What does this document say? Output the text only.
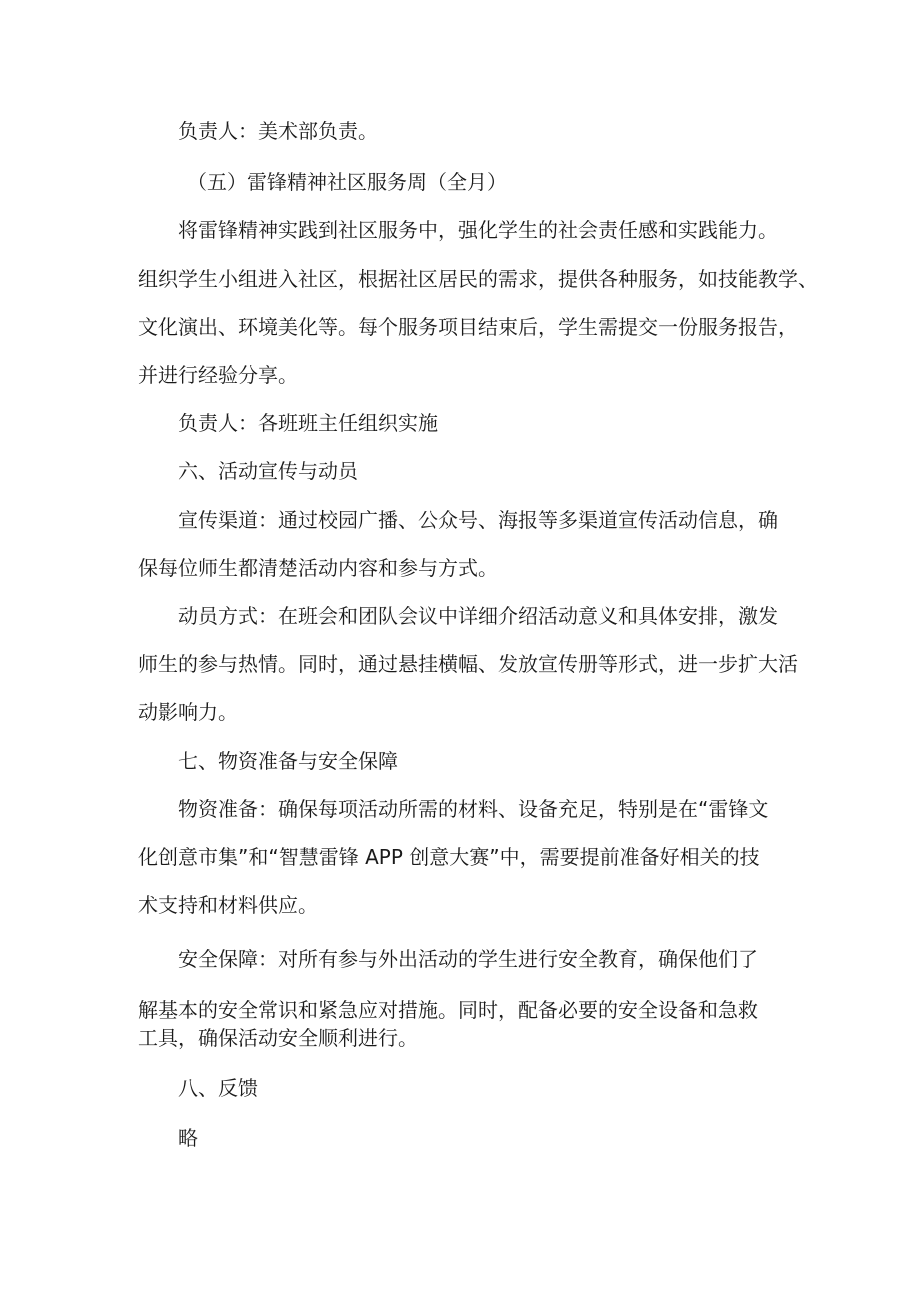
负责人：美术部负责。

（五）雷锋精神社区服务周（全月）

将雷锋精神实践到社区服务中，强化学生的社会责任感和实践能力。

组织学生小组进入社区，根据社区居民的需求，提供各种服务，如技能教学、

文化演出、环境美化等。每个服务项目结束后，学生需提交一份服务报告，

并进行经验分享。

负责人：各班班主任组织实施

六、活动宣传与动员

宣传渠道：通过校园广播、公众号、海报等多渠道宣传活动信息，确

保每位师生都清楚活动内容和参与方式。

动员方式：在班会和团队会议中详细介绍活动意义和具体安排，激发

师生的参与热情。同时，通过悬挂横幅、发放宣传册等形式，进一步扩大活

动影响力。

七、物资准备与安全保障

物资准备：确保每项活动所需的材料、设备充足，特别是在“雷锋文

化创意市集”和“智慧雷锋 APP 创意大赛”中，需要提前准备好相关的技

术支持和材料供应。

安全保障：对所有参与外出活动的学生进行安全教育，确保他们了

解基本的安全常识和紧急应对措施。同时，配备必要的安全设备和急救

工具，确保活动安全顺利进行。

八、反馈

略
